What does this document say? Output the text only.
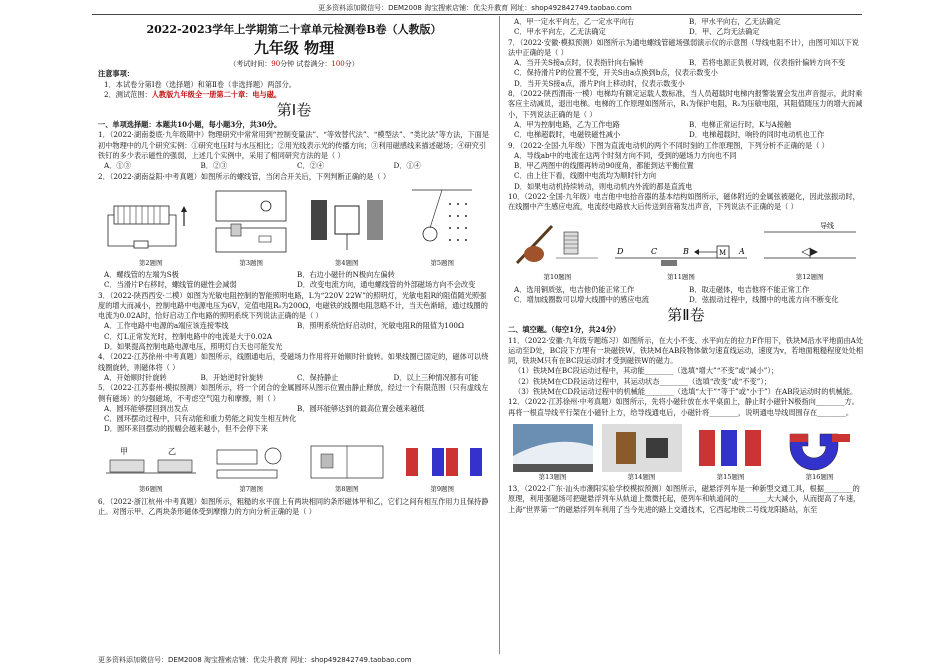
更多资料添加微信号：DEM2008 淘宝搜索店铺：优尖升教育 网址：shop492842749.taobao.com
2022-2023学年上学期第二十章单元检测卷B卷（人教版）
九年级 物理
（考试时间：90分钟 试卷满分：100分）

注意事项：

1．本试卷分第Ⅰ卷（选择题）和第Ⅱ卷（非选择题）两部分。

2．测试范围：人教版九年级全一册第二十章：电与磁。

第Ⅰ卷

一、单项选择题：本题共10小题，每小题3分，共30分。

1．（2022·湖南娄底·九年级期中）物理研究中常常用到“控制变量法”、“等效替代法”、“模型法”、“类比法”等方法，下面是初中物理中的几个研究实例：①研究电压时与水压相比；②用光线表示光的传播方向；③利用磁感线来描述磁场；④研究引铁钉的多少表示磁性的强弱，上述几个实例中，采用了相同研究方法的是（ ）

A．①③	B．②③	C．②④	D．①④

2．（2022·湖南益阳·中考真题）如图所示的螺线管，当闭合开关后，下列判断正确的是（ ）

第2题图	第3题图	第4题图	第5题图
A．螺线管的左端为S极	B．右边小磁针的N极向左偏转
C．当滑片P右移时，螺线管的磁性会减弱	D．改变电流方向，通电螺线管的外部磁场方向不会改变

3．（2022·陕西西安·二模）如图为光敏电阻控制的智能照明电路，L为“220V 22W”的照明灯，光敏电阻R的阻值随光照强度的增大而减小，控制电路中电源电压为6V，定值电阻R₀为200Ω，电磁铁的线圈电阻忽略不计，当天色渐暗，通过线圈的电流为0.02A时，恰好启动工作电路的照明系统下列说法正确的是（ ）

A．工作电路中电源的a端应该连接零线	B．照明系统恰好启动时，光敏电阻R的阻值为100Ω

C．灯L正常发光时，控制电路中的电流是大于0.02A

D．如果提高控制电路电源电压，照明灯白天也可能发光

4．（2022·江苏徐州·中考真题）如图所示，线圈通电后，受磁场力作用将开始顺时针旋转。如果线圈已固定的，磁体可以绕线圈旋转，则磁体将（ ）

A．开始顺时针旋转	B．开始逆时针旋转	C．保持静止	D．以上三种情况都有可能

5．（2022·江苏泰州·模拟预测）如图所示，将一个闭合的金属圆环从图示位置由静止释放，经过一个有限范围（只有虚线左侧有磁场）的匀强磁场，不考虑空气阻力和摩擦，则（ ）

A．圆环能够摆回到出发点	B．圆环能够达到的最高位置会越来越低

C．圆环摆动过程中，只有动能和重力势能之间发生相互转化

D．圆环来回摆动的振幅会越来越小，但不会停下来

甲	乙
第6题图	第7题图	第8题图	第9题图

6．（2022·浙江杭州·中考真题）如图所示，粗糙的水平面上有两块相同的条形磁体甲和乙，它们之间有相互作用力且保持静止。对图示甲、乙两块条形磁体受到摩擦力的方向分析正确的是（ ）

A．甲一定水平向左，乙一定水平向右	B．甲水平向右，乙无法确定
C．甲水平向左，乙无法确定	D．甲、乙均无法确定

7．（2022·安徽·模拟预测）如图所示为通电螺线管磁场强弱演示仪的示意图（导线电阻不计），由图可知以下说法中正确的是（ ）

A．当开关S接a点时，仪表指针向右偏转	B．若将电源正负极对调，仪表指针偏转方向不变

C．保持滑片P的位置不变，开关S由a点换到b点，仪表示数变小

D．当开关S接a点，滑片P向上移动时，仪表示数变小

8．（2022·陕西渭南·一模）电梯均有额定运载人数标准，当人员超载时电梯内报警装置会发出声音提示，此时乘客应主动减员，退出电梯。电梯的工作原理如图所示，R₁为保护电阻，R₂为压敏电阻，其阻值随压力的增大而减小，下列说法正确的是（ ）

A．甲为控制电路，乙为工作电路	B．电梯正常运行时，K与A接触
C．电梯超载时，电磁铁磁性减小	D．电梯超载时，响铃的同时电动机也工作

9．（2022·全国·九年级）下图为直流电动机的两个不同时刻的工作原理图，下列分析不正确的是（ ）

A．导线ab中的电流在这两个时刻方向不同，受到的磁场力方向也不同

B．甲乙两图中的线圈再转动90度角，都能到达平衡位置

C．由上往下看，线圈中电流均为顺时针方向

D．如果电动机持续转动，则电动机内外流的都是直流电

10．（2022·全国·九年级）电吉他中电拾音器的基本结构如图所示，磁体附近的金属弦被磁化，因此弦振动时，在线圈中产生感应电流，电流经电路放大后传送到音箱发出声音，下列说法不正确的是（ ）

第10题图
D	C	B	A
M
第11题图
导线
第12题图
A．选用铜质弦，电吉他仍能正常工作	B．取走磁体，电吉他将不能正常工作
C．增加线圈数可以增大线圈中的感应电流	D．弦振动过程中，线圈中的电流方向不断变化
第Ⅱ卷

二、填空题。（每空1分，共24分）

11．（2022·安徽·九年级专题练习）如图所示，在大小不变、水平向左的拉力F作用下，铁块M沿水平地面由A处运动至D处，BC段下方埋有一块磁铁W，铁块M在AB段物体做匀速直线运动，速度为v，若地面粗糙程度处处相同，铁块M只有在BC段运动时才受到磁铁W的磁力。

（1）铁块M在BC段运动过程中，其动能________（选填“增大”“不变”或“减小”）；

（2）铁块M在CD段运动过程中，其运动状态________（选填“改变”或“不变”）；

（3）铁块M在CD段运动过程中的机械能________（选填“大于”“等于”或“小于”）在AB段运动时的机械能。

12．（2022·江苏徐州·中考真题）如图所示，先将小磁针放在水平桌面上，静止时小磁针N极指向________方。再将一根直导线平行架在小磁针上方，给导线通电后，小磁针将________，说明通电导线周围存在________。

第13题图	第14题图	第15题图	第16题图

13．（2022·广东·汕头市潮阳实验学校模拟预测）如图所示，磁悬浮列车是一种新型交通工具，根据________的原理，利用强磁场可把磁悬浮列车从轨道上微微托起，使列车和轨道间的________大大减小，从而提高了车速，上海“世界第一”的磁悬浮列车利用了当今先进的路上交通技术，它西起地铁二号线龙阳路站，东至

更多资料添加微信号：DEM2008 淘宝搜索店铺：优尖升教育 网址：shop492842749.taobao.com
